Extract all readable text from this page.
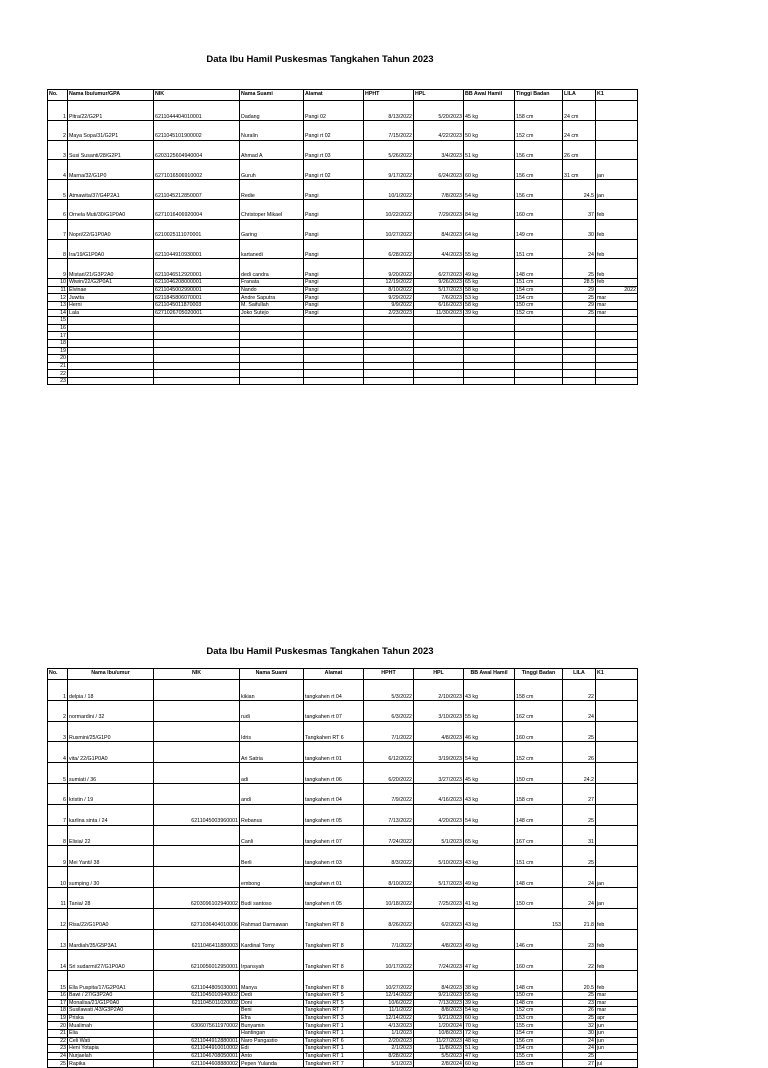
Data Ibu Hamil Puskesmas Tangkahen Tahun 2023
No.	Nama Ibu/umur/GPA	NIK	Nama Suami	Alamat	HPHT	HPL	BB Awal Hamil	Tinggi Badan	LILA	K1
1	Pitra/22/G2P1	6211044404010001	Dadang	Pangi 02	8/13/2022	5/20/2023	45 kg	158 cm	24 cm	
2	Maya Sopa/31/G2P1	6211045101900002	Nuralin	Pangi rt 02	7/15/2022	4/22/2023	50 kg	152 cm	24 cm	
3	Susi Susanti/28/G2P1	6203125604940004	Ahmad A	Pangi rt 03	5/26/2022	3/4/2023	51 kg	156 cm	26 cm	
4	Marna/32/G1P0	6271016506910002	Guruh	Pangi rt 02	9/17/2022	6/24/2023	60 kg	156 cm	31 cm	jan
5	Atmawita/37/G4P2A1	6211045212850007	Redie	Pangi	10/1/2022	7/8/2023	54 kg	156 cm	24.5	jan
6	Ornela Muti/30/G1P0A0	6271016406920004	Christoper Mikael	Pangi	10/22/2022	7/29/2023	84 kg	160 cm	37	feb
7	Nopri/22/G1P0A0	6210025111070001	Garing	Pangi	10/27/2022	8/4/2023	64 kg	149 cm	30	feb
8	Ira/19/G1P0A0	6211044910930001	kartanedi	Pangi	6/28/2022	4/4/2023	55 kg	151 cm	24	feb
9	Mistari/21/G3P2A0	6211046512920001	dedi candra	Pangi	9/20/2022	6/27/2023	49 kg	148 cm	25	feb
10	Wiwin/22/G2P0A1	6211046208000001	Franata	Pangi	12/19/2022	9/26/2023	65 kg	151 cm	28.5	feb
11	Elvinae	6211045002990001	Nando	Pangi	8/10/2022	5/17/2023	58 kg	154 cm	29	2022
12	Juwita	6211845806070001	Andre Saputra	Pangi	9/29/2022	7/6/2023	53 kg	154 cm	25	mar
13	Herni	6211045011870003	M. Saifullah	Pangi	9/9/2022	6/16/2023	58 kg	150 cm	29	mar
14	Lala	6271026705020001	Joko Sutejo	Pangi	2/23/2023	11/30/2023	39 kg	152 cm	25	mar
15										
16										
17										
18										
19										
20										
21										
22										
23										
Data Ibu Hamil Puskesmas Tangkahen Tahun 2023
No.	Nama Ibu/umur	NIK	Nama Suami	Alamat	HPHT	HPL	BB Awal Hamil	Tinggi Badan	LILA	K1
1	delpia / 18		kikian	tangkahen rt 04	5/3/2022	2/10/2023	43 kg	158 cm	22	
2	normardini / 32		rudi	tangkahen rt 07	6/3/2022	3/10/2023	55 kg	162 cm	24	
3	Rusmini/25/G1P0		Idris	Tangkahen RT 6	7/1/2022	4/8/2023	46 kg	160 cm	25	
4	vita/ 22/G1P0A0		Ari Satria	tangkahen rt 01	6/12/2022	3/19/2023	54 kg	152 cm	26	
5	sumiati / 36		adi	tangkahen rt 06	6/20/2022	3/27/2023	45 kg	150 cm	24.2	
6	kristin / 19		andi	tangkahen rt 04	7/9/2022	4/16/2023	43 kg	158 cm	27	
7	karlina sinta / 24	6211045003960001	Rebanus	tangkahen rt 05	7/13/2022	4/20/2023	54 kg	148 cm	25	
8	Elisia/ 22		Canli	tangkahen rt 07	7/24/2022	5/1/2023	65 kg	167 cm	31	
9	Mei Yanti/ 38		Berli	tangkahen rt 03	8/3/2022	5/10/2023	43 kg	151 cm	25	
10	sumping / 30		embong	tangkahen rt 01	8/10/2022	5/17/2023	49 kg	148 cm	24	jan
11	Tania/ 28	6203096102940002	Budi santoso	tangkahen rt 05	10/18/2022	7/25/2023	41 kg	150 cm	24	jan
12	Risa/22/G1P0A0	6271036404010006	Rahmad Darmawan	Tangkahen RT 8	8/26/2022	6/2/2023	43 kg	153	21.8	feb
13	Mardiah/35/G5P3A1	6211046411880003	Kardinal Tomy	Tangkahen RT 8	7/1/2022	4/8/2023	49 kg	146 cm	23	feb
14	Sri sudarmi/27/G1P0A0	6210056012950001	Irpansyah	Tangkahen RT 8	10/17/2022	7/24/2023	47 kg	160 cm	22	feb
15	Ella Puspita/17/G2P0A1	6211044805030001	Manya	Tangkahen RT 8	10/27/2022	8/4/2023	38 kg	148 cm	20.5	feb
16	Bawi / 27/G3P2A0	6211045010940002	Dedi	Tangkahen RT 5	12/14/2022	9/21/2023	55 kg	150 cm	25	mar
17	Monalisa/21/G1P0A0	6211045011020002	Doni	Tangkahen RT 5	10/6/2022	7/13/2023	39 kg	148 cm	23	mar
18	Susilawati /43/G3P2A0		Beni	Tangkahen RT 7	11/1/2022	8/8/2023	54 kg	152 cm	26	mar
19	Priska		Efra	Tangkahen RT 3	12/14/2022	9/21/2023	60 kg	153 cm	25	apr
20	Mualimah	6306075611970002	Bunyamin	Tangkahen RT 1	4/13/2023	1/20/2024	70 kg	155 cm	32	jun
21	Elia		Hantingan	Tangkahen RT 1	1/1/2023	10/8/2023	72 kg	154 cm	30	jun
22	Celi Wati	6211044912880001	Naro Pangastio	Tangkahen RT 6	2/20/2023	11/27/2023	48 kg	156 cm	24	jun
23	Heni Yotapia	6211044910010002	Edi	Tangkahen RT 1	2/1/2023	11/8/2023	51 kg	154 cm	24	jun
24	Nurjaelah	6211046708050001	Anto	Tangkahen RT 1	8/28/2022	5/5/2023	47 kg	155 cm	25	
25	Rapika	6211044608880002	Pepen Yulanda	Tangkahen RT 7	5/1/2023	2/8/2024	60 kg	155 cm	27	jul
